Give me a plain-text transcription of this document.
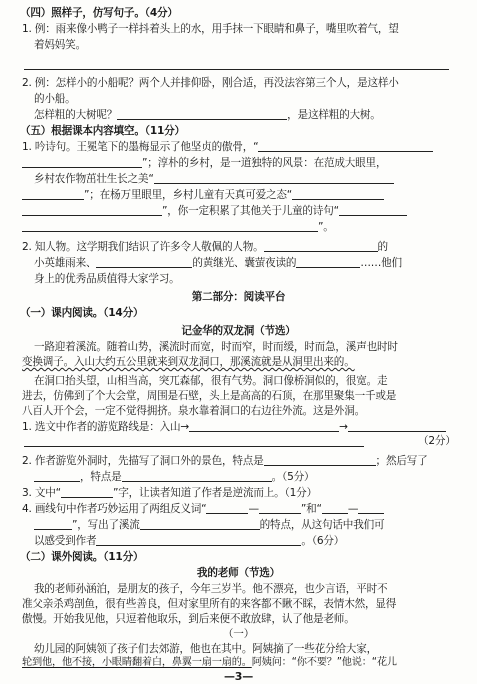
（四）照样子，仿写句子。（4分）
1. 例：雨来像小鸭子一样抖着头上的水，用手抹一下眼睛和鼻子，嘴里吹着气，望
着妈妈笑。
2. 例：怎样小的小船呢？两个人并排仰卧，刚合适，再没法容第三个人，是这样小
的小船。
怎样粗的大树呢？	，是这样粗的大树。
（五）根据课本内容填空。（11分）
1. 吟诗句。王冕笔下的墨梅显示了他坚贞的傲骨，“
”；淳朴的乡村，是一道独特的风景：在范成大眼里，
乡村农作物茁壮生长之美“
”；在杨万里眼里，乡村儿童有天真可爱之态“
”，你一定积累了其他关于儿童的诗句“
”。
2. 知人物。这学期我们结识了许多令人敬佩的人物。	的
小英雄雨来、	的黄继光、囊萤夜读的	……他们
身上的优秀品质值得大家学习。
第二部分：阅读平台
（一）课内阅读。（14分）
记金华的双龙洞（节选）
一路迎着溪流。随着山势，溪流时而宽，时而窄，时而缓，时而急，溪声也时时
变换调子。入山大约五公里就来到双龙洞口，那溪流就是从洞里出来的。
在洞口抬头望，山相当高，突兀森郁，很有气势。洞口像桥洞似的，很宽。走
进去，仿佛到了个大会堂，周围是石壁，头上是高高的石顶，在那里聚集一千或是
八百人开个会，一定不觉得拥挤。泉水靠着洞口的右边往外流。这是外洞。
1. 选文中作者的游览路线是：入山→	→
（2分）
2. 作者游览外洞时，先描写了洞口外的景色，特点是	；然后写了
，特点是	。（5分）
3. 文中“	”字，让读者知道了作者是逆流而上。（1分）
4. 画线句中作者巧妙运用了两组反义词“	—	”和“ —
”，写出了溪流	的特点，从这句话中我们可
以感受到作者	。（6分）
（二）课外阅读。（11分）
我的老师（节选）
我的老师孙涵泊，是朋友的孩子，今年三岁半。他不漂亮，也少言语，平时不
准父亲杀鸡剖鱼，很有些善良，但对家里所有的来客都不瞅不睬，表情木然，显得
傲慢。开始我见他，只逗着他取乐，到后来便不敢放肆，认了他是老师。
（一）
幼儿园的阿姨领了孩子们去郊游，他也在其中。阿姨摘了一些花分给大家，
轮到他，他不接，小眼睛翻着白，鼻翼一扇一扇的。阿姨问：“你不要？”他说：“花儿
—3—
